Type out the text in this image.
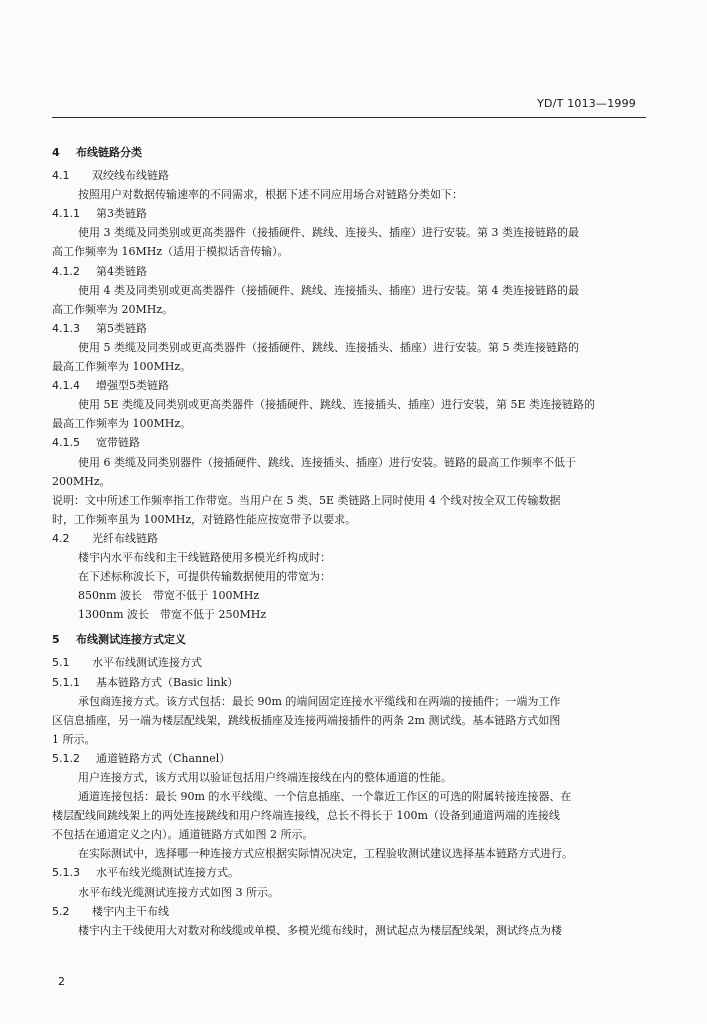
YD/T 1013—1999
4 布线链路分类
4.1 双绞线布线链路
按照用户对数据传输速率的不同需求，根据下述不同应用场合对链路分类如下：
4.1.1 第3类链路
使用 3 类缆及同类别或更高类器件（接插硬件、跳线、连接头、插座）进行安装。第 3 类连接链路的最
高工作频率为 16MHz（适用于模拟话音传输）。
4.1.2 第4类链路
使用 4 类及同类别或更高类器件（接插硬件、跳线、连接插头、插座）进行安装。第 4 类连接链路的最
高工作频率为 20MHz。
4.1.3 第5类链路
使用 5 类缆及同类别或更高类器件（接插硬件、跳线、连接插头、插座）进行安装。第 5 类连接链路的
最高工作频率为 100MHz。
4.1.4 增强型5类链路
使用 5E 类缆及同类别或更高类器件（接插硬件、跳线、连接插头、插座）进行安装，第 5E 类连接链路的
最高工作频率为 100MHz。
4.1.5 宽带链路
使用 6 类缆及同类别器件（接插硬件、跳线、连接插头、插座）进行安装。链路的最高工作频率不低于
200MHz。
说明：文中所述工作频率指工作带宽。当用户在 5 类、5E 类链路上同时使用 4 个线对按全双工传输数据
时，工作频率虽为 100MHz，对链路性能应按宽带予以要求。
4.2 光纤布线链路
楼宇内水平布线和主干线链路使用多模光纤构成时：
在下述标称波长下，可提供传输数据使用的带宽为：
850nm 波长　带宽不低于 100MHz
1300nm 波长　带宽不低于 250MHz
5 布线测试连接方式定义
5.1 水平布线测试连接方式
5.1.1 基本链路方式（Basic link）
承包商连接方式。该方式包括：最长 90m 的端间固定连接水平缆线和在两端的接插件；一端为工作
区信息插座，另一端为楼层配线架，跳线板插座及连接两端接插件的两条 2m 测试线。基本链路方式如图
1 所示。
5.1.2 通道链路方式（Channel）
用户连接方式，该方式用以验证包括用户终端连接线在内的整体通道的性能。
通道连接包括：最长 90m 的水平线缆、一个信息插座、一个靠近工作区的可选的附属转接连接器、在
楼层配线间跳线架上的两处连接跳线和用户终端连接线，总长不得长于 100m（设备到通道两端的连接线
不包括在通道定义之内）。通道链路方式如图 2 所示。
在实际测试中，选择哪一种连接方式应根据实际情况决定，工程验收测试建议选择基本链路方式进行。
5.1.3 水平布线光缆测试连接方式。
水平布线光缆测试连接方式如图 3 所示。
5.2 楼宇内主干布线
楼宇内主干线使用大对数对称线缆或单模、多模光缆布线时，测试起点为楼层配线架，测试终点为楼
2
